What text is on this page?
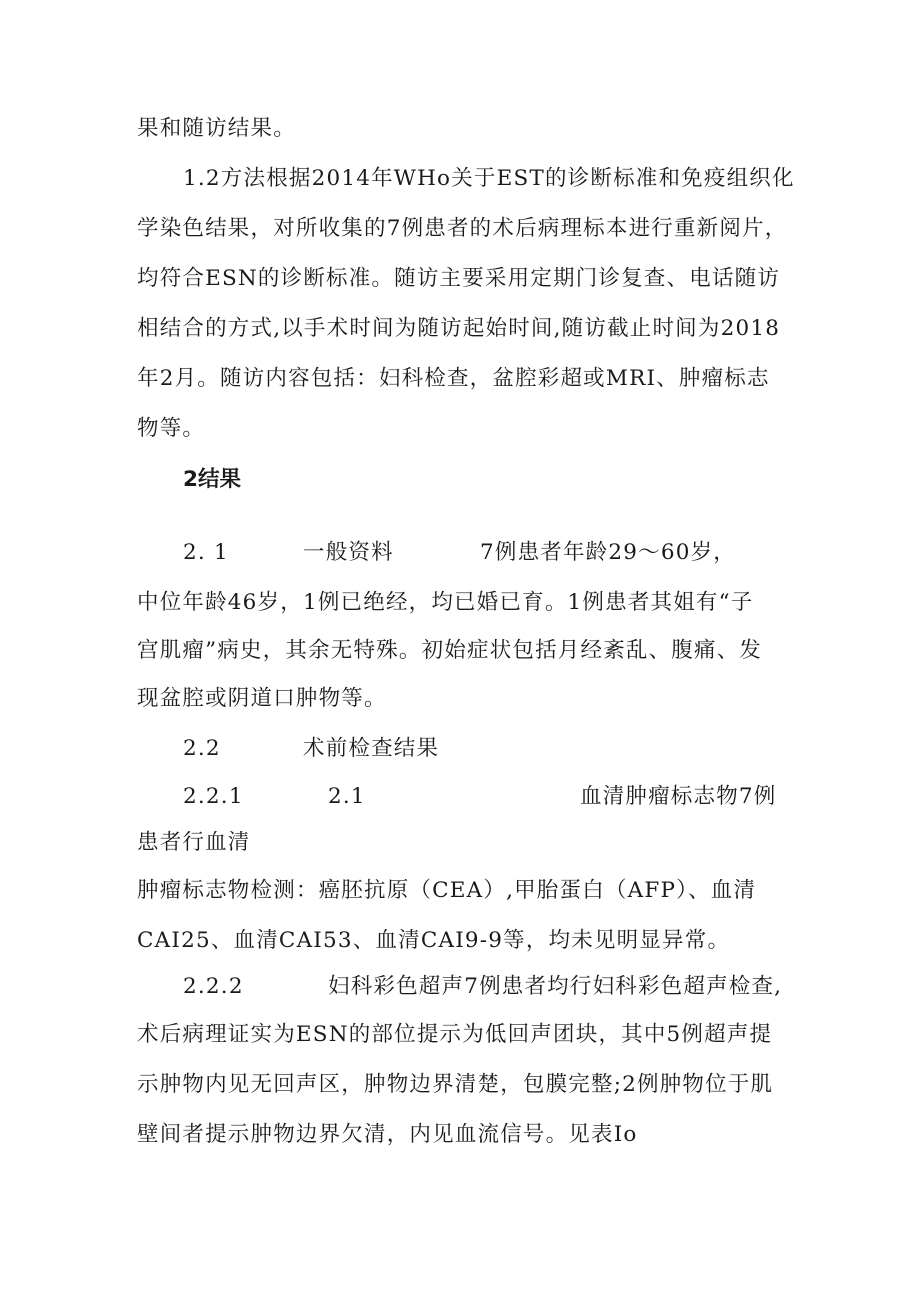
果和随访结果。
1.2方法根据2014年WHo关于EST的诊断标准和免疫组织化
学染色结果，对所收集的7例患者的术后病理标本进行重新阅片，
均符合ESN的诊断标准。随访主要采用定期门诊复查、电话随访
相结合的方式,以手术时间为随访起始时间,随访截止时间为2018
年2月。随访内容包括：妇科检查，盆腔彩超或MRI、肿瘤标志
物等。
2结果
2. 1	一般资料	7例患者年龄29～60岁，
中位年龄46岁，1例已绝经，均已婚已育。1例患者其姐有“子
宫肌瘤”病史，其余无特殊。初始症状包括月经紊乱、腹痛、发
现盆腔或阴道口肿物等。
2.2	术前检查结果
2.2.1	2.1	血清肿瘤标志物7例
患者行血清
肿瘤标志物检测：癌胚抗原（CEA）,甲胎蛋白（AFP）、血清
CAI25、血清CAI53、血清CAI9-9等，均未见明显异常。
2.2.2	妇科彩色超声7例患者均行妇科彩色超声检查,
术后病理证实为ESN的部位提示为低回声团块，其中5例超声提
示肿物内见无回声区，肿物边界清楚，包膜完整;2例肿物位于肌
壁间者提示肿物边界欠清，内见血流信号。见表Io
